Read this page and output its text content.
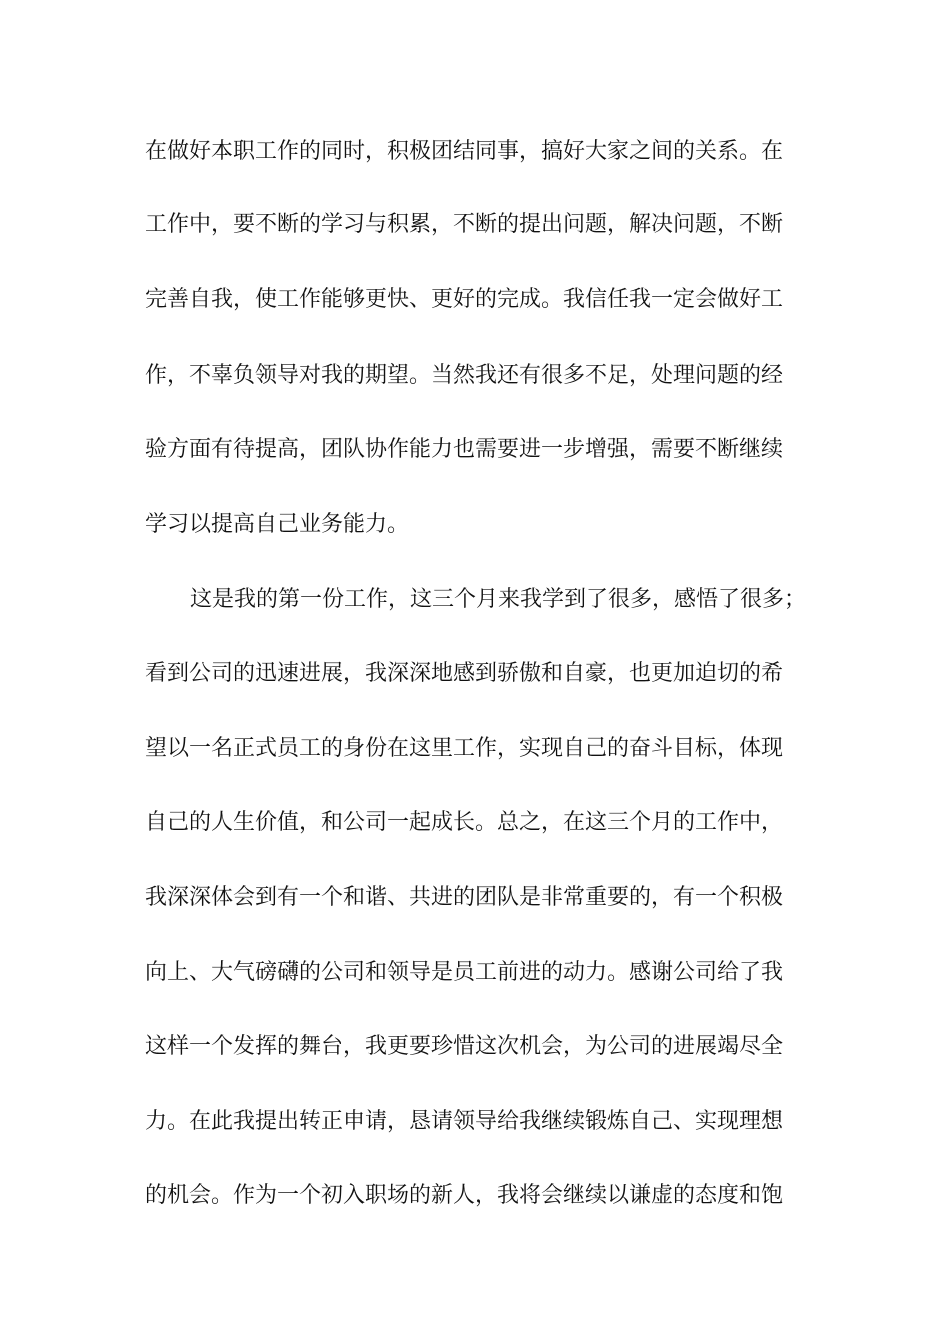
在做好本职工作的同时，积极团结同事，搞好大家之间的关系。在
工作中，要不断的学习与积累，不断的提出问题，解决问题，不断
完善自我，使工作能够更快、更好的完成。我信任我一定会做好工
作，不辜负领导对我的期望。当然我还有很多不足，处理问题的经
验方面有待提高，团队协作能力也需要进一步增强，需要不断继续
学习以提高自己业务能力。
这是我的第一份工作，这三个月来我学到了很多，感悟了很多；
看到公司的迅速进展，我深深地感到骄傲和自豪，也更加迫切的希
望以一名正式员工的身份在这里工作，实现自己的奋斗目标，体现
自己的人生价值，和公司一起成长。总之，在这三个月的工作中，
我深深体会到有一个和谐、共进的团队是非常重要的，有一个积极
向上、大气磅礴的公司和领导是员工前进的动力。感谢公司给了我
这样一个发挥的舞台，我更要珍惜这次机会，为公司的进展竭尽全
力。在此我提出转正申请，恳请领导给我继续锻炼自己、实现理想
的机会。作为一个初入职场的新人，我将会继续以谦虚的态度和饱
